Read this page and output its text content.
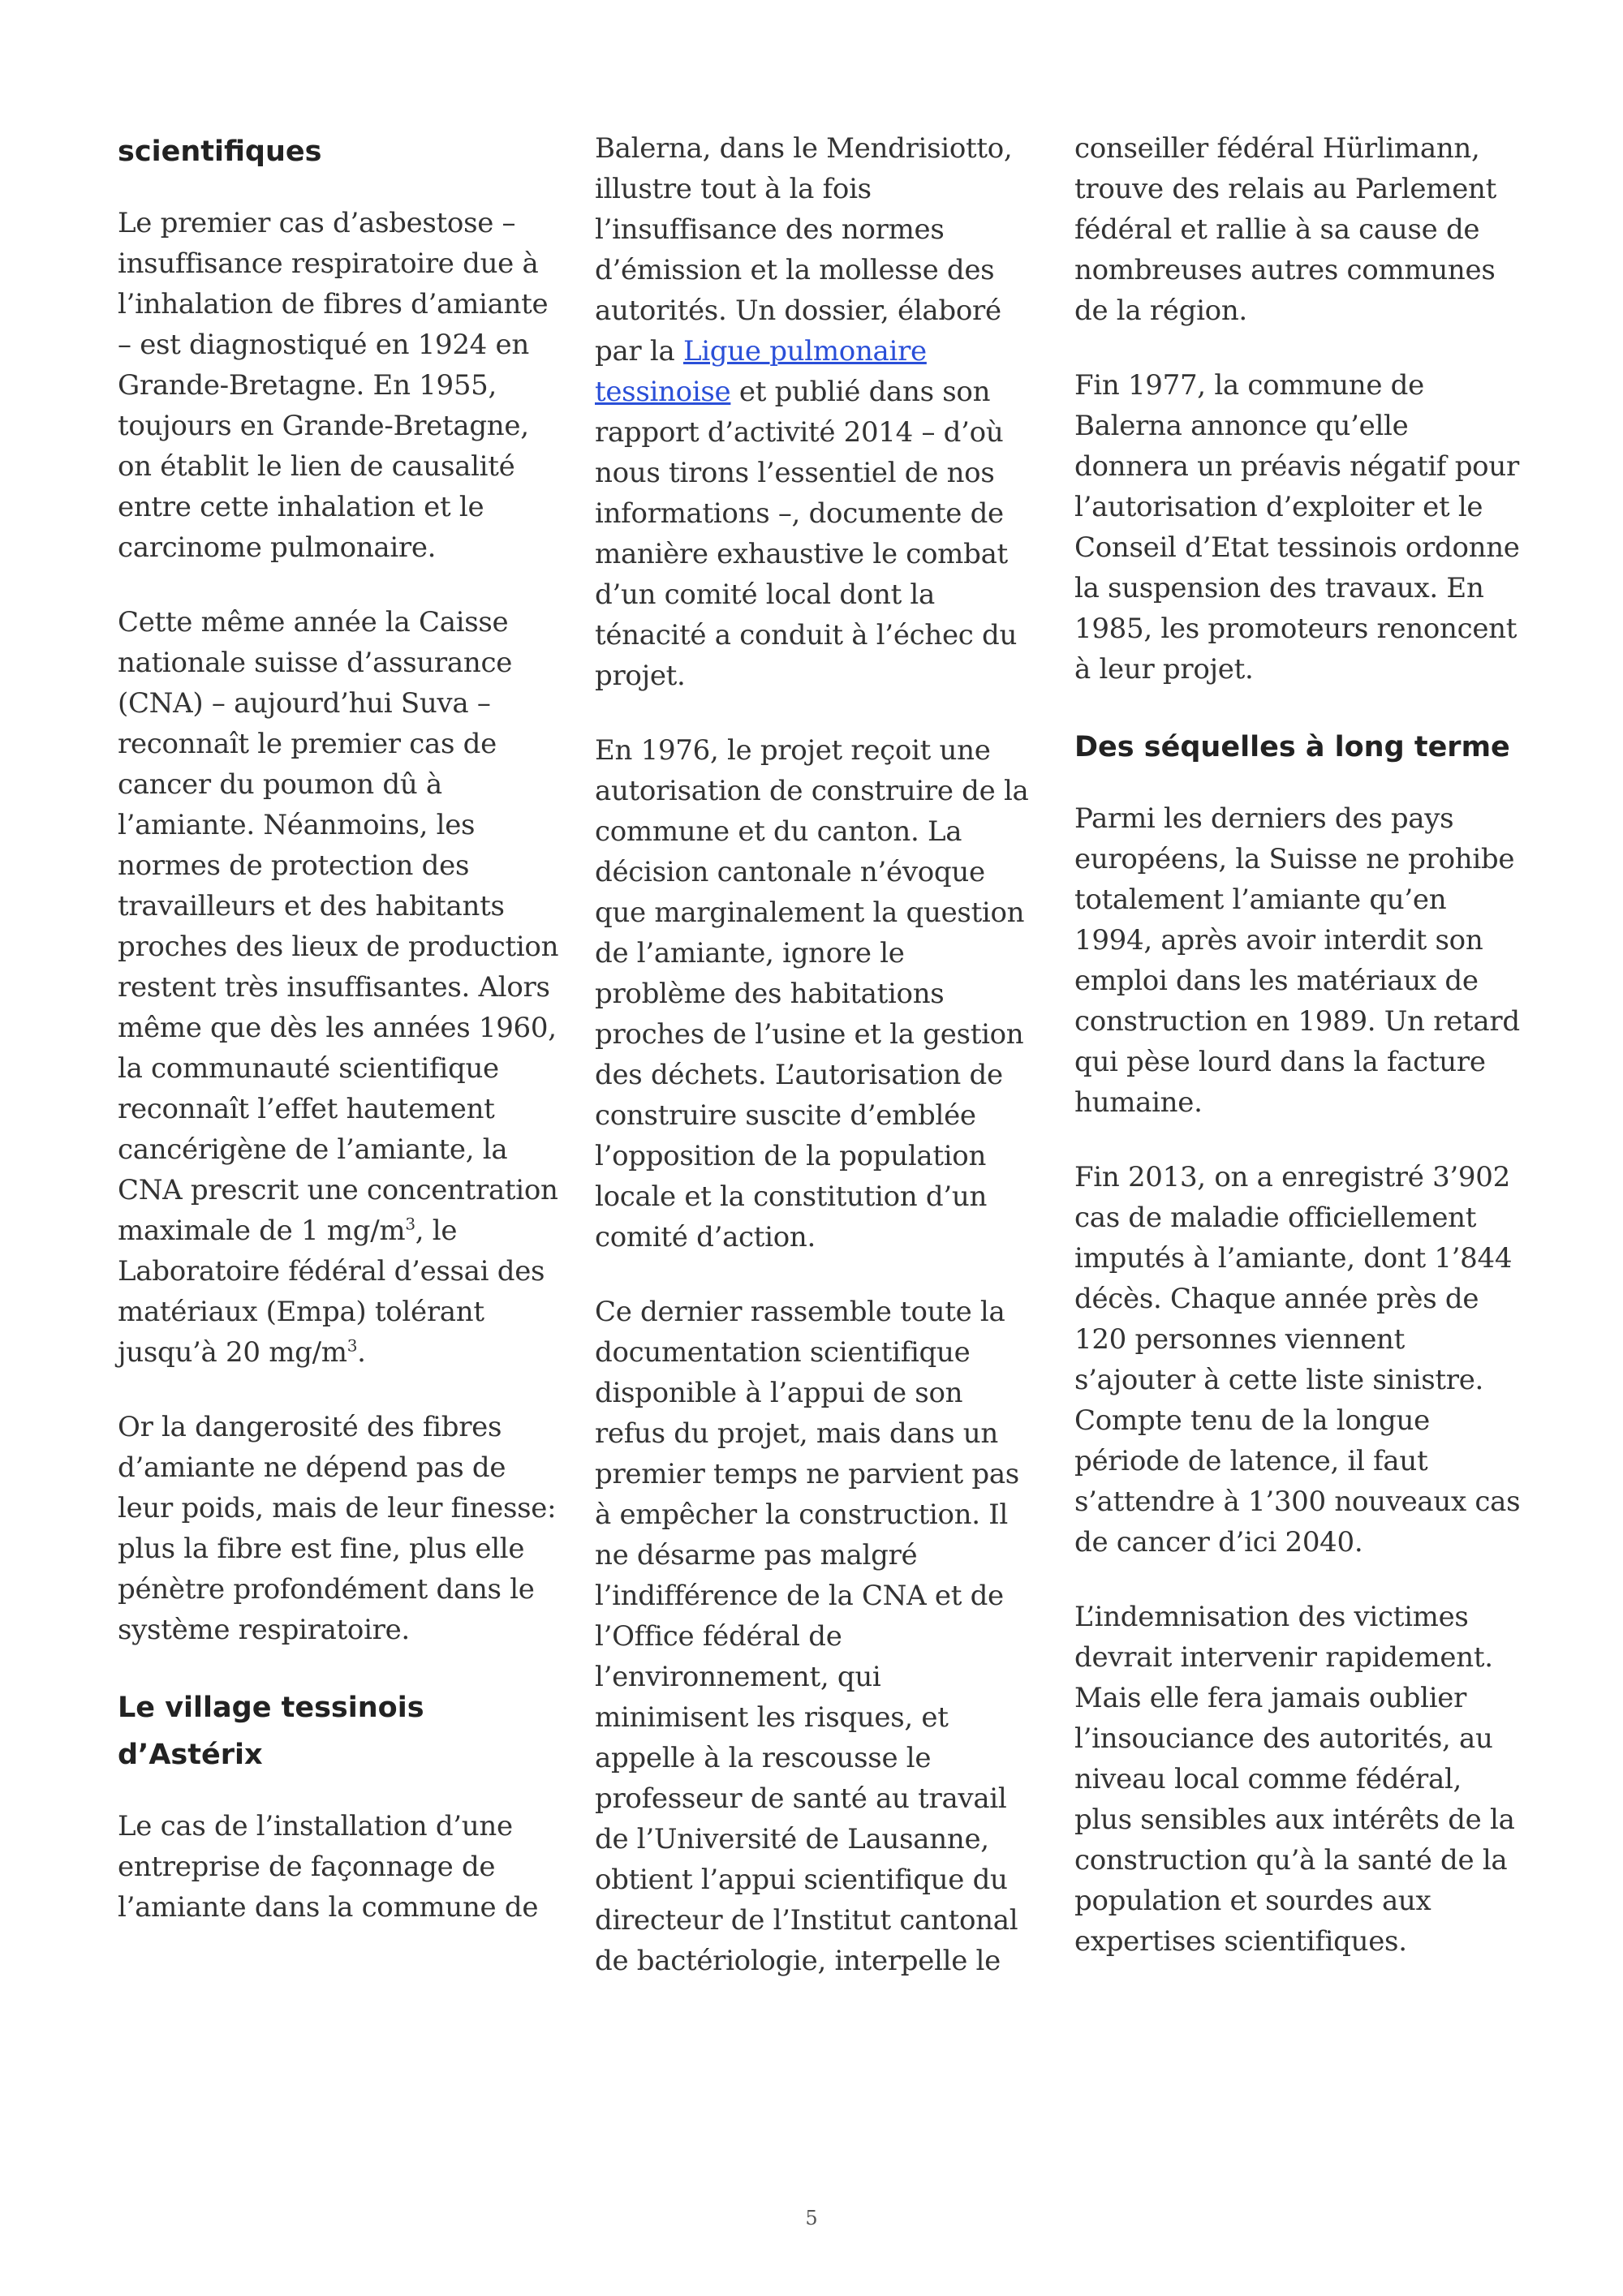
scientifiques

Le premier cas d’asbestose – insuffisance respiratoire due à l’inhalation de fibres d’amiante – est diagnostiqué en 1924 en Grande-Bretagne. En 1955, toujours en Grande-Bretagne, on établit le lien de causalité entre cette inhalation et le carcinome pulmonaire.

Cette même année la Caisse nationale suisse d’assurance (CNA) – aujourd’hui Suva – reconnaît le premier cas de cancer du poumon dû à l’amiante. Néanmoins, les normes de protection des travailleurs et des habitants proches des lieux de production restent très insuffisantes. Alors même que dès les années 1960, la communauté scientifique reconnaît l’effet hautement cancérigène de l’amiante, la CNA prescrit une concentration maximale de 1 $mg/m^3$, le Laboratoire fédéral d’essai des matériaux (Empa) tolérant jusqu’à 20 $mg/m^3$.

Or la dangerosité des fibres d’amiante ne dépend pas de leur poids, mais de leur finesse: plus la fibre est fine, plus elle pénètre profondément dans le système respiratoire.

Le village tessinois d’Astérix

Le cas de l’installation d’une entreprise de façonnage de l’amiante dans la commune de

Balerna, dans le Mendrisiotto, illustre tout à la fois l’insuffisance des normes d’émission et la mollesse des autorités. Un dossier, élaboré par la Ligue pulmonaire tessinoise et publié dans son rapport d’activité 2014 – d’où nous tirons l’essentiel de nos informations –, documente de manière exhaustive le combat d’un comité local dont la ténacité a conduit à l’échec du projet.

En 1976, le projet reçoit une autorisation de construire de la commune et du canton. La décision cantonale n’évoque que marginalement la question de l’amiante, ignore le problème des habitations proches de l’usine et la gestion des déchets. L’autorisation de construire suscite d’emblée l’opposition de la population locale et la constitution d’un comité d’action.

Ce dernier rassemble toute la documentation scientifique disponible à l’appui de son refus du projet, mais dans un premier temps ne parvient pas à empêcher la construction. Il ne désarme pas malgré l’indifférence de la CNA et de l’Office fédéral de l’environnement, qui minimisent les risques, et appelle à la rescousse le professeur de santé au travail de l’Université de Lausanne, obtient l’appui scientifique du directeur de l’Institut cantonal de bactériologie, interpelle le

conseiller fédéral Hürlimann, trouve des relais au Parlement fédéral et rallie à sa cause de nombreuses autres communes de la région.

Fin 1977, la commune de Balerna annonce qu’elle donnera un préavis négatif pour l’autorisation d’exploiter et le Conseil d’Etat tessinois ordonne la suspension des travaux. En 1985, les promoteurs renoncent à leur projet.

Des séquelles à long terme

Parmi les derniers des pays européens, la Suisse ne prohibe totalement l’amiante qu’en 1994, après avoir interdit son emploi dans les matériaux de construction en 1989. Un retard qui pèse lourd dans la facture humaine.

Fin 2013, on a enregistré 3’902 cas de maladie officiellement imputés à l’amiante, dont 1’844 décès. Chaque année près de 120 personnes viennent s’ajouter à cette liste sinistre. Compte tenu de la longue période de latence, il faut s’attendre à 1’300 nouveaux cas de cancer d’ici 2040.

L’indemnisation des victimes devrait intervenir rapidement. Mais elle fera jamais oublier l’insouciance des autorités, au niveau local comme fédéral, plus sensibles aux intérêts de la construction qu’à la santé de la population et sourdes aux expertises scientifiques.

5
